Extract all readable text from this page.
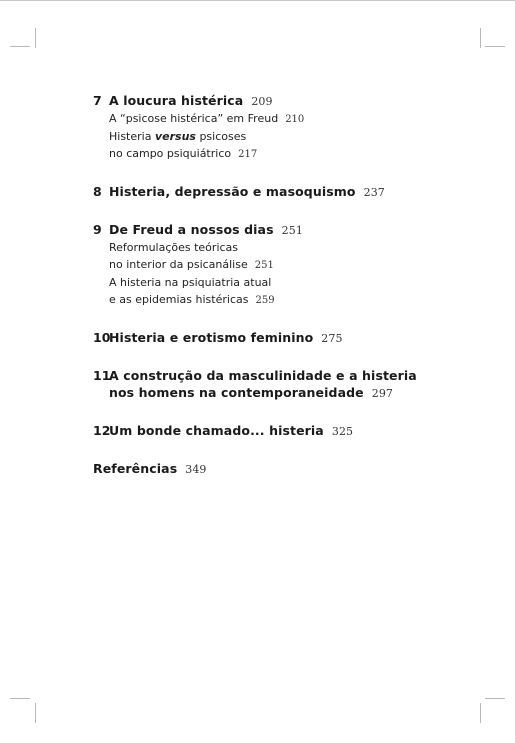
7 A loucura histérica 209
A “psicose histérica” em Freud 210
Histeria versus psicoses
no campo psiquiátrico 217
8 Histeria, depressão e masoquismo 237
9 De Freud a nossos dias 251
Reformulações teóricas
no interior da psicanálise 251
A histeria na psiquiatria atual
e as epidemias histéricas 259
10
Histeria e erotismo feminino 275
11
A construção da masculinidade e a histeria
nos homens na contemporaneidade 297
12
Um bonde chamado... histeria 325
Referências 349
